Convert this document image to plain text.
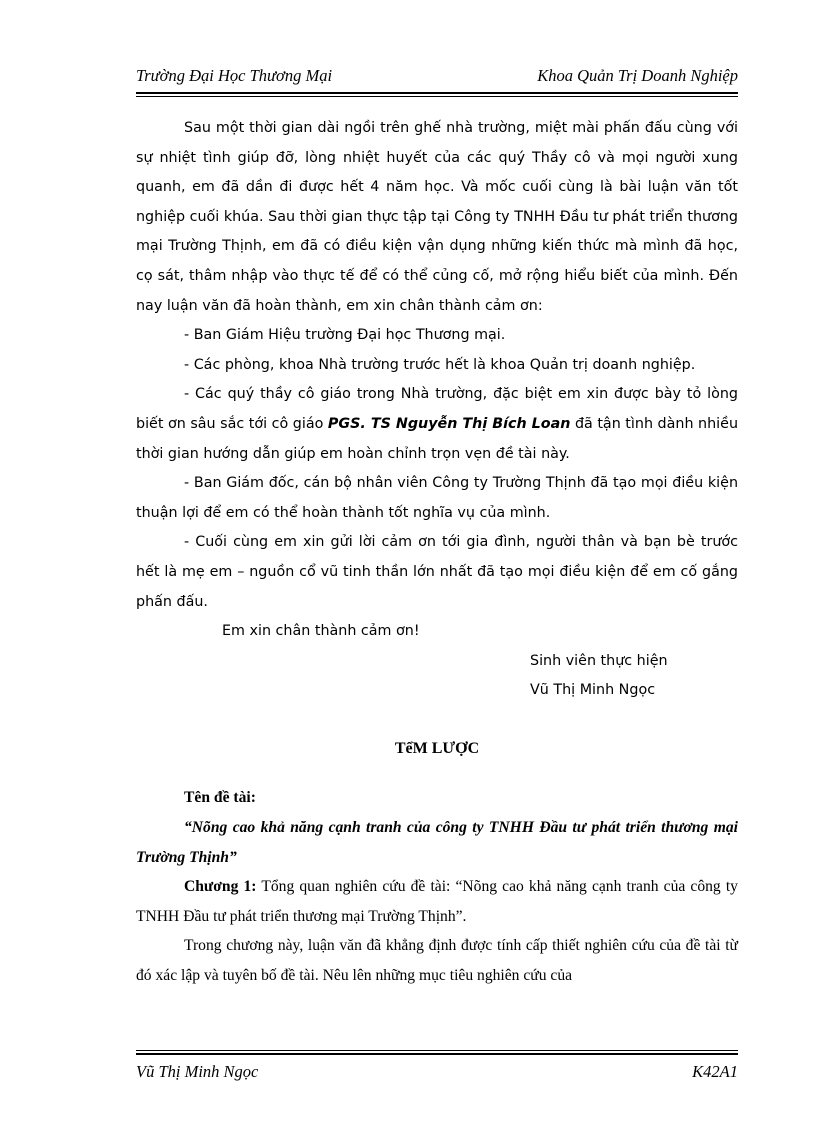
Trường Đại Học Thương Mại	Khoa Quản Trị Doanh Nghiệp

Sau một thời gian dài ngồi trên ghế nhà trường, miệt mài phấn đấu cùng với sự nhiệt tình giúp đỡ, lòng nhiệt huyết của các quý Thầy cô và mọi người xung quanh, em đã dần đi được hết 4 năm học. Và mốc cuối cùng là bài luận văn tốt nghiệp cuối khúa. Sau thời gian thực tập tại Công ty TNHH Đầu tư phát triển thương mại Trường Thịnh, em đã có điều kiện vận dụng những kiến thức mà mình đã học, cọ sát, thâm nhập vào thực tế để có thể củng cố, mở rộng hiểu biết của mình. Đến nay luận văn đã hoàn thành, em xin chân thành cảm ơn:

- Ban Giám Hiệu trường Đại học Thương mại.

- Các phòng, khoa Nhà trường trước hết là khoa Quản trị doanh nghiệp.

- Các quý thầy cô giáo trong Nhà trường, đặc biệt em xin được bày tỏ lòng biết ơn sâu sắc tới cô giáo PGS. TS Nguyễn Thị Bích Loan đã tận tình dành nhiều thời gian hướng dẫn giúp em hoàn chỉnh trọn vẹn đề tài này.

- Ban Giám đốc, cán bộ nhân viên Công ty Trường Thịnh đã tạo mọi điều kiện thuận lợi để em có thể hoàn thành tốt nghĩa vụ của mình.

- Cuối cùng em xin gửi lời cảm ơn tới gia đình, người thân và bạn bè trước hết là mẹ em – nguồn cổ vũ tinh thần lớn nhất đã tạo mọi điều kiện để em cố gắng phấn đấu.

Em xin chân thành cảm ơn!

Sinh viên thực hiện

Vũ Thị Minh Ngọc

TểM LƯỢC

Tên đề tài:

“Nõng cao khả năng cạnh tranh của công ty TNHH Đầu tư phát triển thương mại Trường Thịnh”

Chương 1: Tổng quan nghiên cứu đề tài: “Nõng cao khả năng cạnh tranh của công ty TNHH Đầu tư phát triển thương mại Trường Thịnh”.

Trong chương này, luận văn đã khẳng định được tính cấp thiết nghiên cứu của đề tài từ đó xác lập và tuyên bố đề tài. Nêu lên những mục tiêu nghiên cứu của

Vũ Thị Minh Ngọc	K42A1
